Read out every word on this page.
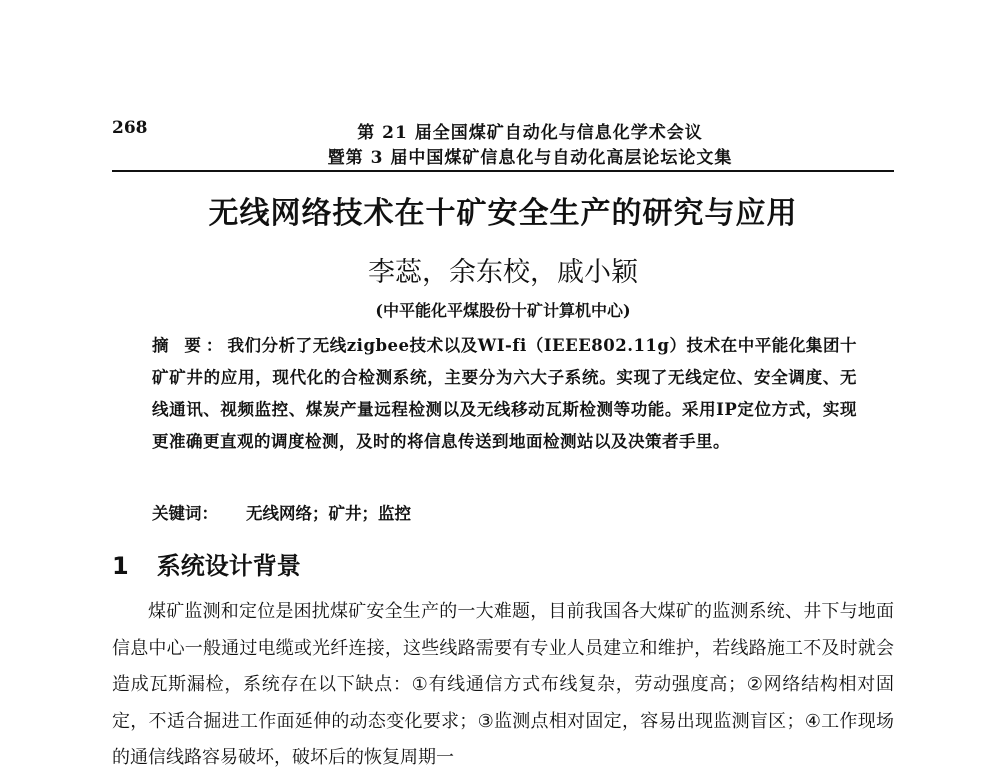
268	第 21 届全国煤矿自动化与信息化学术会议
暨第 3 届中国煤矿信息化与自动化高层论坛论文集
无线网络技术在十矿安全生产的研究与应用
李蕊，余东校，戚小颖
(中平能化平煤股份十矿计算机中心)
摘 要：我们分析了无线zigbee技术以及WI-fi（IEEE802.11g）技术在中平能化集团十矿矿井的应用，现代化的合检测系统，主要分为六大子系统。实现了无线定位、安全调度、无线通讯、视频监控、煤炭产量远程检测以及无线移动瓦斯检测等功能。采用IP定位方式，实现更准确更直观的调度检测，及时的将信息传送到地面检测站以及决策者手里。
关键词： 无线网络；矿井；监控
1 系统设计背景
煤矿监测和定位是困扰煤矿安全生产的一大难题，目前我国各大煤矿的监测系统、井下与地面信息中心一般通过电缆或光纤连接，这些线路需要有专业人员建立和维护，若线路施工不及时就会造成瓦斯漏检，系统存在以下缺点：①有线通信方式布线复杂，劳动强度高；②网络结构相对固定，不适合掘进工作面延伸的动态变化要求；③监测点相对固定，容易出现监测盲区；④工作现场的通信线路容易破坏，破坏后的恢复周期一
